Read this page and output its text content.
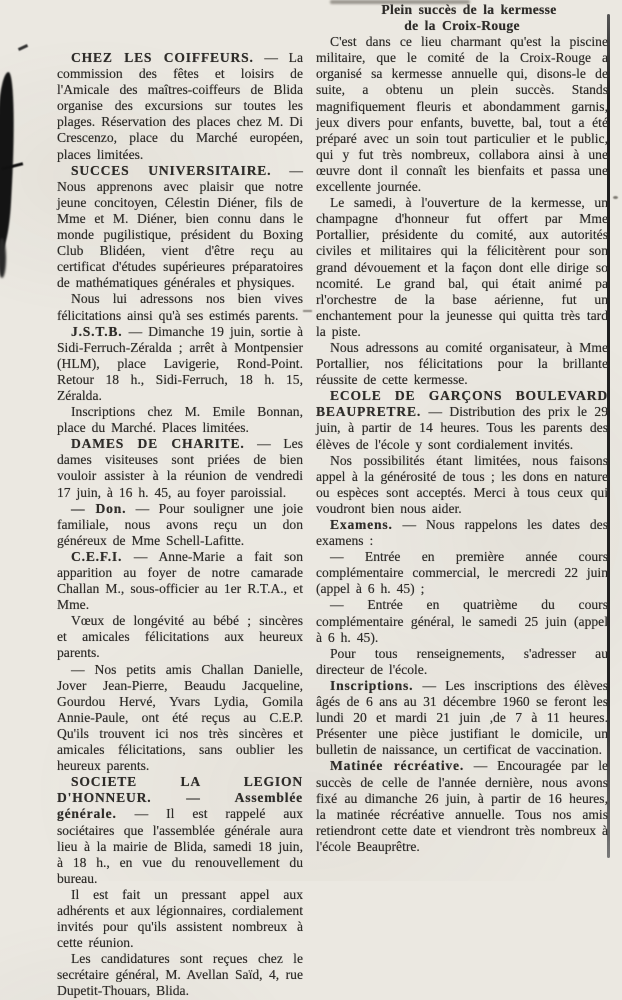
CHEZ LES COIFFEURS. — La commission des fêtes et loisirs de l'Amicale des maîtres-coiffeurs de Blida organise des excursions sur toutes les plages. Réservation des places chez M. Di Crescenzo, place du Marché européen, places limitées.

SUCCES UNIVERSITAIRE. — Nous apprenons avec plaisir que notre jeune concitoyen, Célestin Diéner, fils de Mme et M. Diéner, bien connu dans le monde pugilistique, président du Boxing Club Blidéen, vient d'être reçu au certificat d'études supérieures préparatoires de mathématiques générales et physiques.

Nous lui adressons nos bien vives félicitations ainsi qu'à ses estimés parents.

J.S.T.B. — Dimanche 19 juin, sortie à Sidi-Ferruch-Zéralda ; arrêt à Montpensier (HLM), place Lavigerie, Rond-Point. Retour 18 h., Sidi-Ferruch, 18 h. 15, Zéralda.

Inscriptions chez M. Emile Bonnan, place du Marché. Places limitées.

DAMES DE CHARITE. — Les dames visiteuses sont priées de bien vouloir assister à la réunion de vendredi 17 juin, à 16 h. 45, au foyer paroissial.

— Don. — Pour souligner une joie familiale, nous avons reçu un don généreux de Mme Schell-Lafitte.

C.E.F.I. — Anne-Marie a fait son apparition au foyer de notre camarade Challan M., sous-officier au 1er R.T.A., et Mme.

Vœux de longévité au bébé ; sincères et amicales félicitations aux heureux parents.

— Nos petits amis Challan Danielle, Jover Jean-Pierre, Beaudu Jacqueline, Gourdou Hervé, Yvars Lydia, Gomila Annie-Paule, ont été reçus au C.E.P. Qu'ils trouvent ici nos très sincères et amicales félicitations, sans oublier les heureux parents.

SOCIETE LA LEGION D'HONNEUR. — Assemblée générale. — Il est rappelé aux sociétaires que l'assemblée générale aura lieu à la mairie de Blida, samedi 18 juin, à 18 h., en vue du renouvellement du bureau.

Il est fait un pressant appel aux adhérents et aux légionnaires, cordialement invités pour qu'ils assistent nombreux à cette réunion.

Les candidatures sont reçues chez le secrétaire général, M. Avellan Saïd, 4, rue Dupetit-Thouars, Blida.

Plein succès de la kermesse
de la Croix-Rouge

C'est dans ce lieu charmant qu'est la piscine militaire, que le comité de la Croix-Rouge a organisé sa kermesse annuelle qui, disons-le de suite, a obtenu un plein succès. Stands magnifiquement fleuris et abondamment garnis, jeux divers pour enfants, buvette, bal, tout a été préparé avec un soin tout particulier et le public, qui y fut très nombreux, collabora ainsi à une œuvre dont il connaît les bienfaits et passa une excellente journée.

Le samedi, à l'ouverture de la kermesse, un champagne d'honneur fut offert par Mme Portallier, présidente du comité, aux autorités civiles et militaires qui la félicitèrent pour son grand dévouement et la façon dont elle dirige so ncomité. Le grand bal, qui était animé pa rl'orchestre de la base aérienne, fut un enchantement pour la jeunesse qui quitta très tard la piste.

Nous adressons au comité organisateur, à Mme Portallier, nos félicitations pour la brillante réussite de cette kermesse.

ECOLE DE GARÇONS BOULEVARD BEAUPRETRE. — Distribution des prix le 29 juin, à partir de 14 heures. Tous les parents des élèves de l'école y sont cordialement invités.

Nos possibilités étant limitées, nous faisons appel à la générosité de tous ; les dons en nature ou espèces sont acceptés. Merci à tous ceux qui voudront bien nous aider.

Examens. — Nous rappelons les dates des examens :

— Entrée en première année cours complémentaire commercial, le mercredi 22 juin (appel à 6 h. 45) ;

— Entrée en quatrième du cours complémentaire général, le samedi 25 juin (appel à 6 h. 45).

Pour tous renseignements, s'adresser au directeur de l'école.

Inscriptions. — Les inscriptions des élèves âgés de 6 ans au 31 décembre 1960 se feront les lundi 20 et mardi 21 juin ,de 7 à 11 heures. Présenter une pièce justifiant le domicile, un bulletin de naissance, un certificat de vaccination.

Matinée récréative. — Encouragée par le succès de celle de l'année dernière, nous avons fixé au dimanche 26 juin, à partir de 16 heures, la matinée récréative annuelle. Tous nos amis retiendront cette date et viendront très nombreux à l'école Beauprêtre.
